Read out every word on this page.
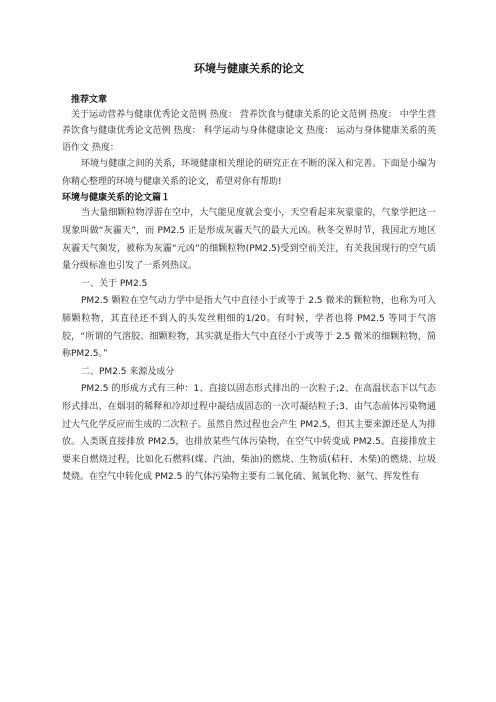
环境与健康关系的论文
推荐文章

关于运动营养与健康优秀论文范例 热度： 营养饮食与健康关系的论文范例 热度： 中学生营养饮食与健康优秀论文范例 热度： 科学运动与身体健康论文 热度： 运动与身体健康关系的英语作文 热度：

环境与健康之间的关系，环境健康相关理论的研究正在不断的深入和完善。下面是小编为你精心整理的环境与健康关系的论文，希望对你有帮助!

环境与健康关系的论文篇１

当大量细颗粒物浮游在空中，大气能见度就会变小，天空看起来灰蒙蒙的，气象学把这一现象叫做“灰霾天”，而 PM2.5 正是形成灰霾天气的最大元凶。秋冬交界时节，我国北方地区灰霾天气频发，被称为灰霾“元凶”的细颗粒物(PM2.5)受到空前关注，有关我国现行的空气质量分级标准也引发了一系列热议。

一、关于 PM2.5

PM2.5 颗粒在空气动力学中是指大气中直径小于或等于 2.5 微米的颗粒物，也称为可入肺颗粒物，其直径还不到人的头发丝粗细的1/20。有时候，学者也将 PM2.5 等同于气溶胶，“所谓的气溶胶、细颗粒物，其实就是指大气中直径小于或等于 2.5 微米的细颗粒物，简称PM2.5。”

二、PM2.5 来源及成分

PM2.5 的形成方式有三种：1、直接以固态形式排出的一次粒子;2、在高温状态下以气态形式排出、在烟羽的稀释和冷却过程中凝结成固态的一次可凝结粒子;3、由气态前体污染物通过大气化学反应而生成的二次粒子。虽然自然过程也会产生 PM2.5，但其主要来源还是人为排放。人类既直接排放 PM2.5，也排放某些气体污染物，在空气中转变成 PM2.5。直接排放主要来自燃烧过程，比如化石燃料(煤、汽油、柴油)的燃烧、生物质(秸秆、木柴)的燃烧、垃圾焚烧。在空气中转化成 PM2.5 的气体污染物主要有二氧化硫、氮氧化物、氨气、挥发性有
